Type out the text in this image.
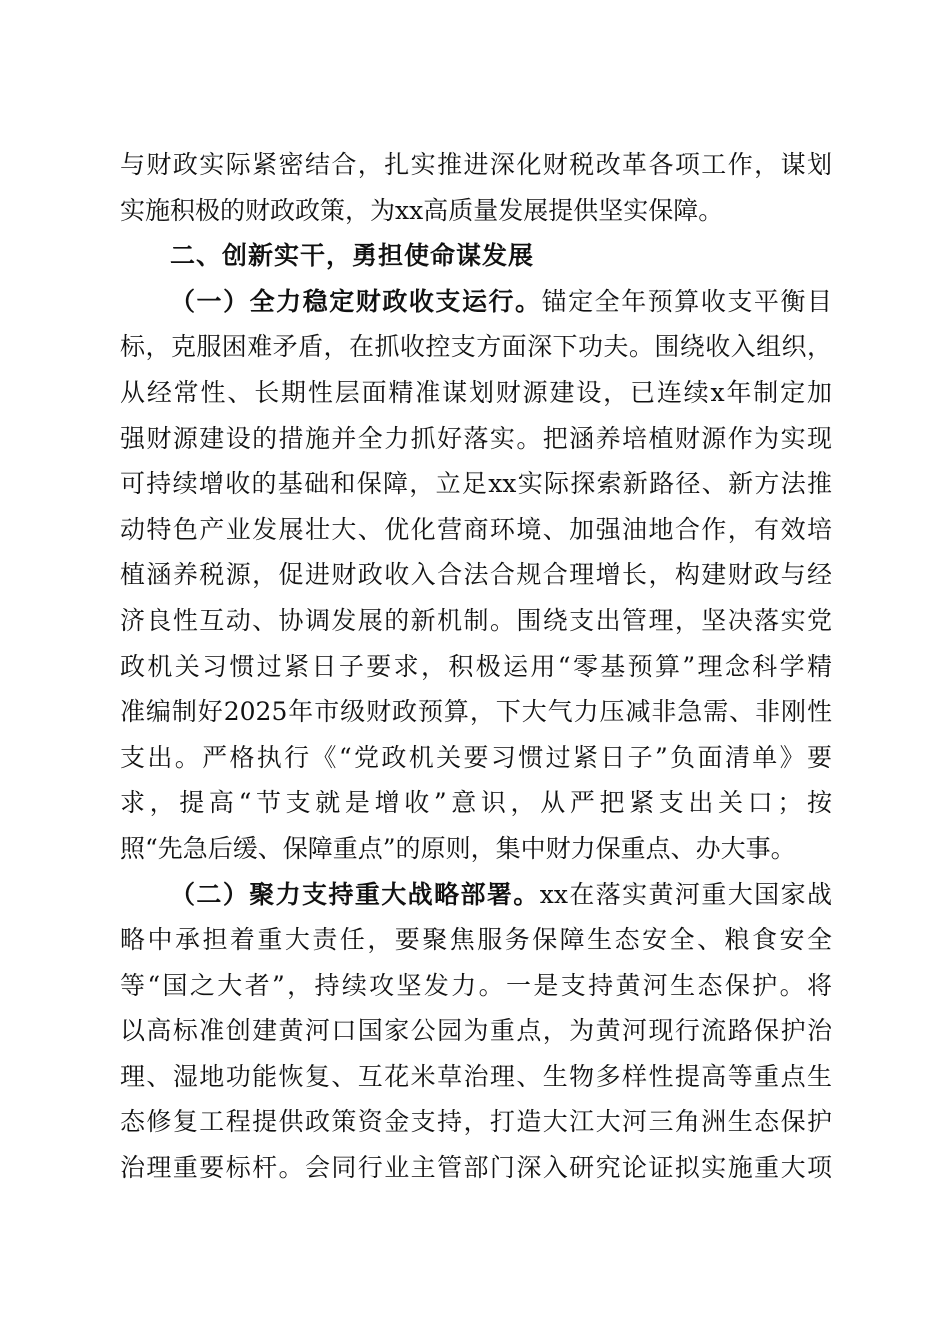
与财政实际紧密结合，扎实推进深化财税改革各项工作，谋划
实施积极的财政政策，为xx高质量发展提供坚实保障。
二、创新实干，勇担使命谋发展
（一）全力稳定财政收支运行。锚定全年预算收支平衡目
标，克服困难矛盾，在抓收控支方面深下功夫。围绕收入组织，
从经常性、长期性层面精准谋划财源建设，已连续x年制定加
强财源建设的措施并全力抓好落实。把涵养培植财源作为实现
可持续增收的基础和保障，立足xx实际探索新路径、新方法推
动特色产业发展壮大、优化营商环境、加强油地合作，有效培
植涵养税源，促进财政收入合法合规合理增长，构建财政与经
济良性互动、协调发展的新机制。围绕支出管理，坚决落实党
政机关习惯过紧日子要求，积极运用“零基预算”理念科学精
准编制好2025年市级财政预算，下大气力压减非急需、非刚性
支出。严格执行《“党政机关要习惯过紧日子”负面清单》要
求，提高“节支就是增收”意识，从严把紧支出关口；按
照“先急后缓、保障重点”的原则，集中财力保重点、办大事。
（二）聚力支持重大战略部署。xx在落实黄河重大国家战
略中承担着重大责任，要聚焦服务保障生态安全、粮食安全
等“国之大者”，持续攻坚发力。一是支持黄河生态保护。将
以高标准创建黄河口国家公园为重点，为黄河现行流路保护治
理、湿地功能恢复、互花米草治理、生物多样性提高等重点生
态修复工程提供政策资金支持，打造大江大河三角洲生态保护
治理重要标杆。会同行业主管部门深入研究论证拟实施重大项
